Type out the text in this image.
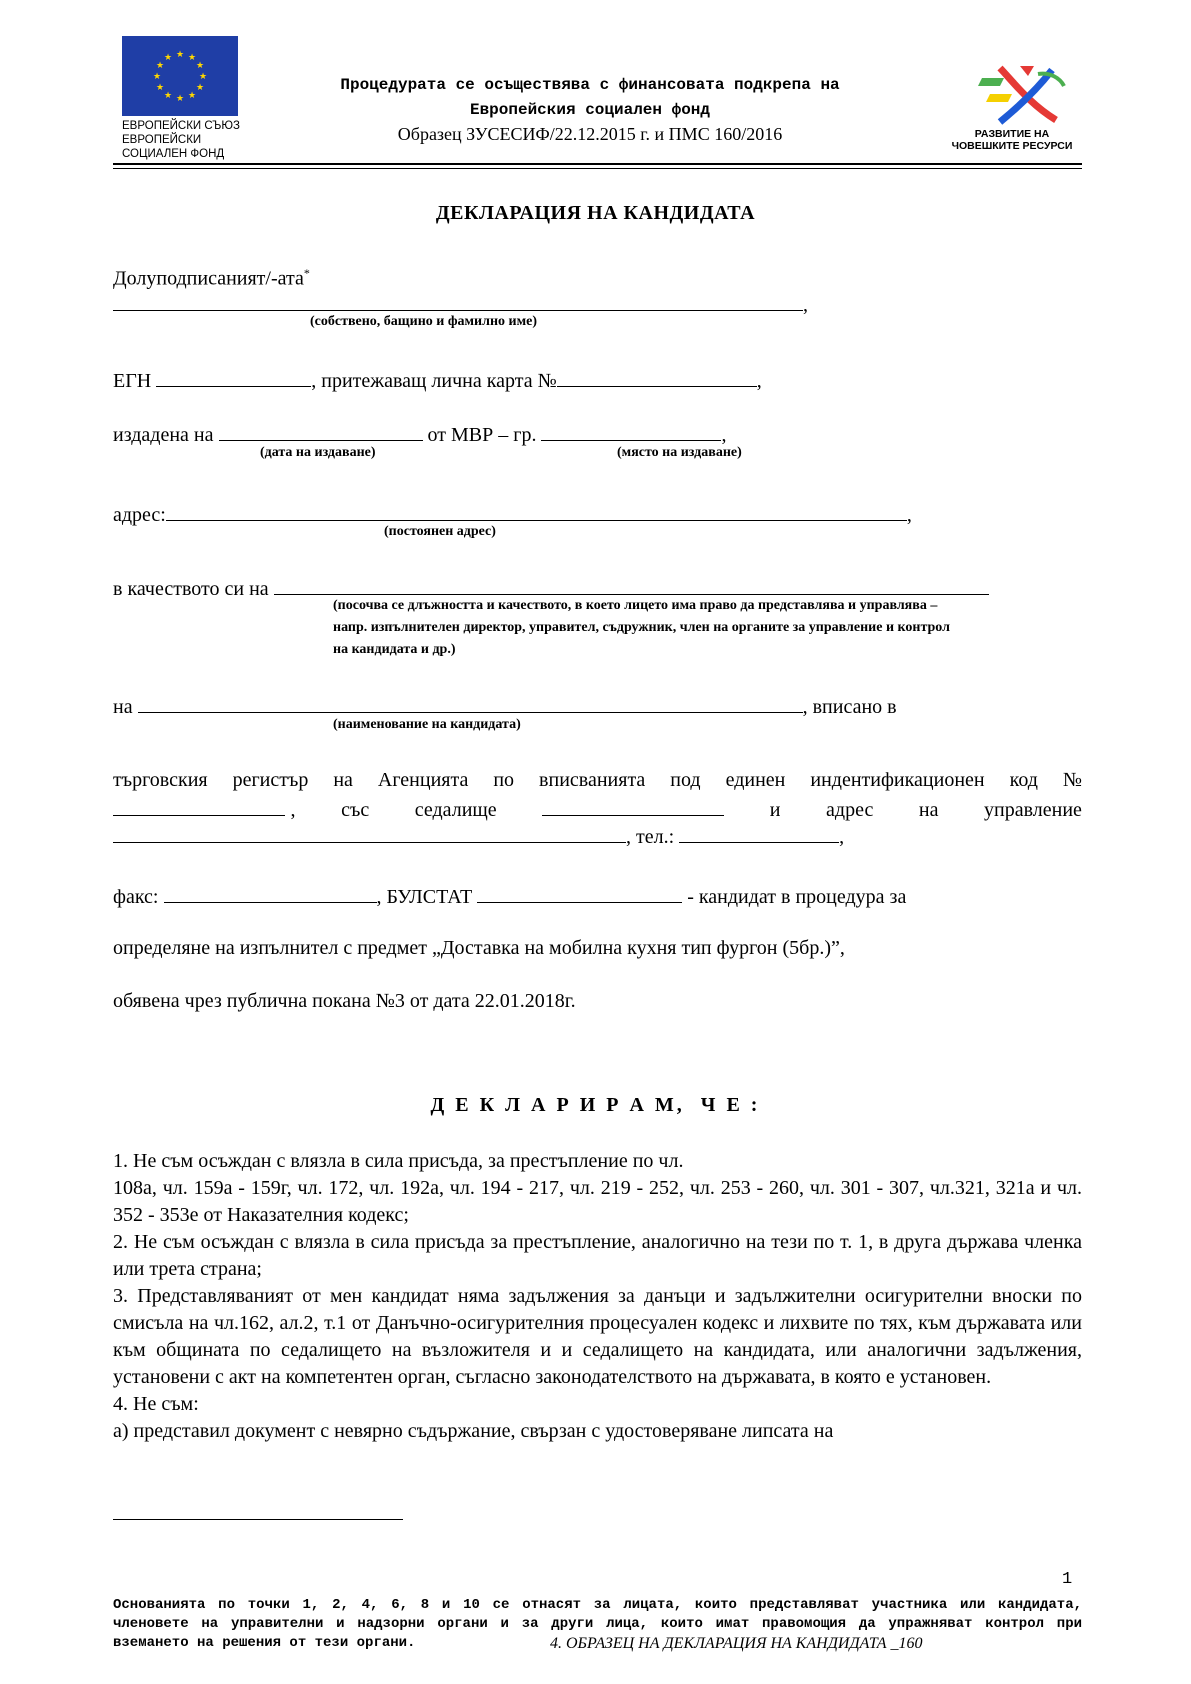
★ ★
★
★
★
★
★
★
★
★
★
★
ЕВРОПЕЙСКИ СЪЮЗ
ЕВРОПЕЙСКИ
СОЦИАЛЕН ФОНД
Процедурата се осъществява с финансовата подкрепа на
Европейския социален фонд
Образец ЗУСЕСИФ/22.12.2015 г. и ПМС 160/2016	РАЗВИТИЕ НА
ЧОВЕШКИТЕ РЕСУРСИ
ДЕКЛАРАЦИЯ НА КАНДИДАТА
Долуподписаният/-ата*
,
(собствено, бащино и фамилно име)
ЕГН	, притежаващ лична карта №	,
издадена на	от МВР – гр.	,
(дата на издаване)	(място на издаване)
адрес:	,
(постоянен адрес)
в качеството си на
(посочва се длъжността и качеството, в което лицето има право да представлява и управлява –
напр. изпълнителен директор, управител, съдружник, член на органите за управление и контрол
на кандидата и др.)
на	, вписано в
(наименование на кандидата)
търговския регистър на Агенцията по вписванията под единен индентификационен код №
, със седалище	и адрес на управление
, тел.:	,
факс:	, БУЛСТАТ	- кандидат в процедура за
определяне на изпълнител с предмет „Доставка на мобилна кухня тип фургон (5бр.)”,
обявена чрез публична покана №3 от дата 22.01.2018г.
Д Е К Л А Р И Р А М,  Ч Е :
1. Не съм осъждан с влязла в сила присъда, за престъпление по чл.
108а, чл. 159а - 159г, чл. 172, чл. 192а, чл. 194 - 217, чл. 219 - 252, чл. 253 - 260, чл. 301 - 307, чл.321, 321а и чл. 352 - 353е от Наказателния кодекс;
2. Не съм осъждан с влязла в сила присъда за престъпление, аналогично на тези по т. 1, в друга държава членка или трета страна;
3. Представляваният от мен кандидат няма задължения за данъци и задължителни осигурителни вноски по смисъла на чл.162, ал.2, т.1 от Данъчно-осигурителния процесуален кодекс и лихвите по тях, към държавата или към общината по седалището на възложителя и и седалището на кандидата, или аналогични задължения, установени с акт на компетентен орган, съгласно законодателството на държавата, в която е установен.
4. Не съм:
а) представил документ с невярно съдържание, свързан с удостоверяване липсата на
1
Основанията по точки 1, 2, 4, 6, 8 и 10 се отнасят за лицата, които представляват участника или кандидата, членовете на управителни и надзорни органи и за други лица, които имат правомощия да упражняват контрол при вземането на решения от тези органи.	4. ОБРАЗЕЦ НА ДЕКЛАРАЦИЯ НА КАНДИДАТА _160
